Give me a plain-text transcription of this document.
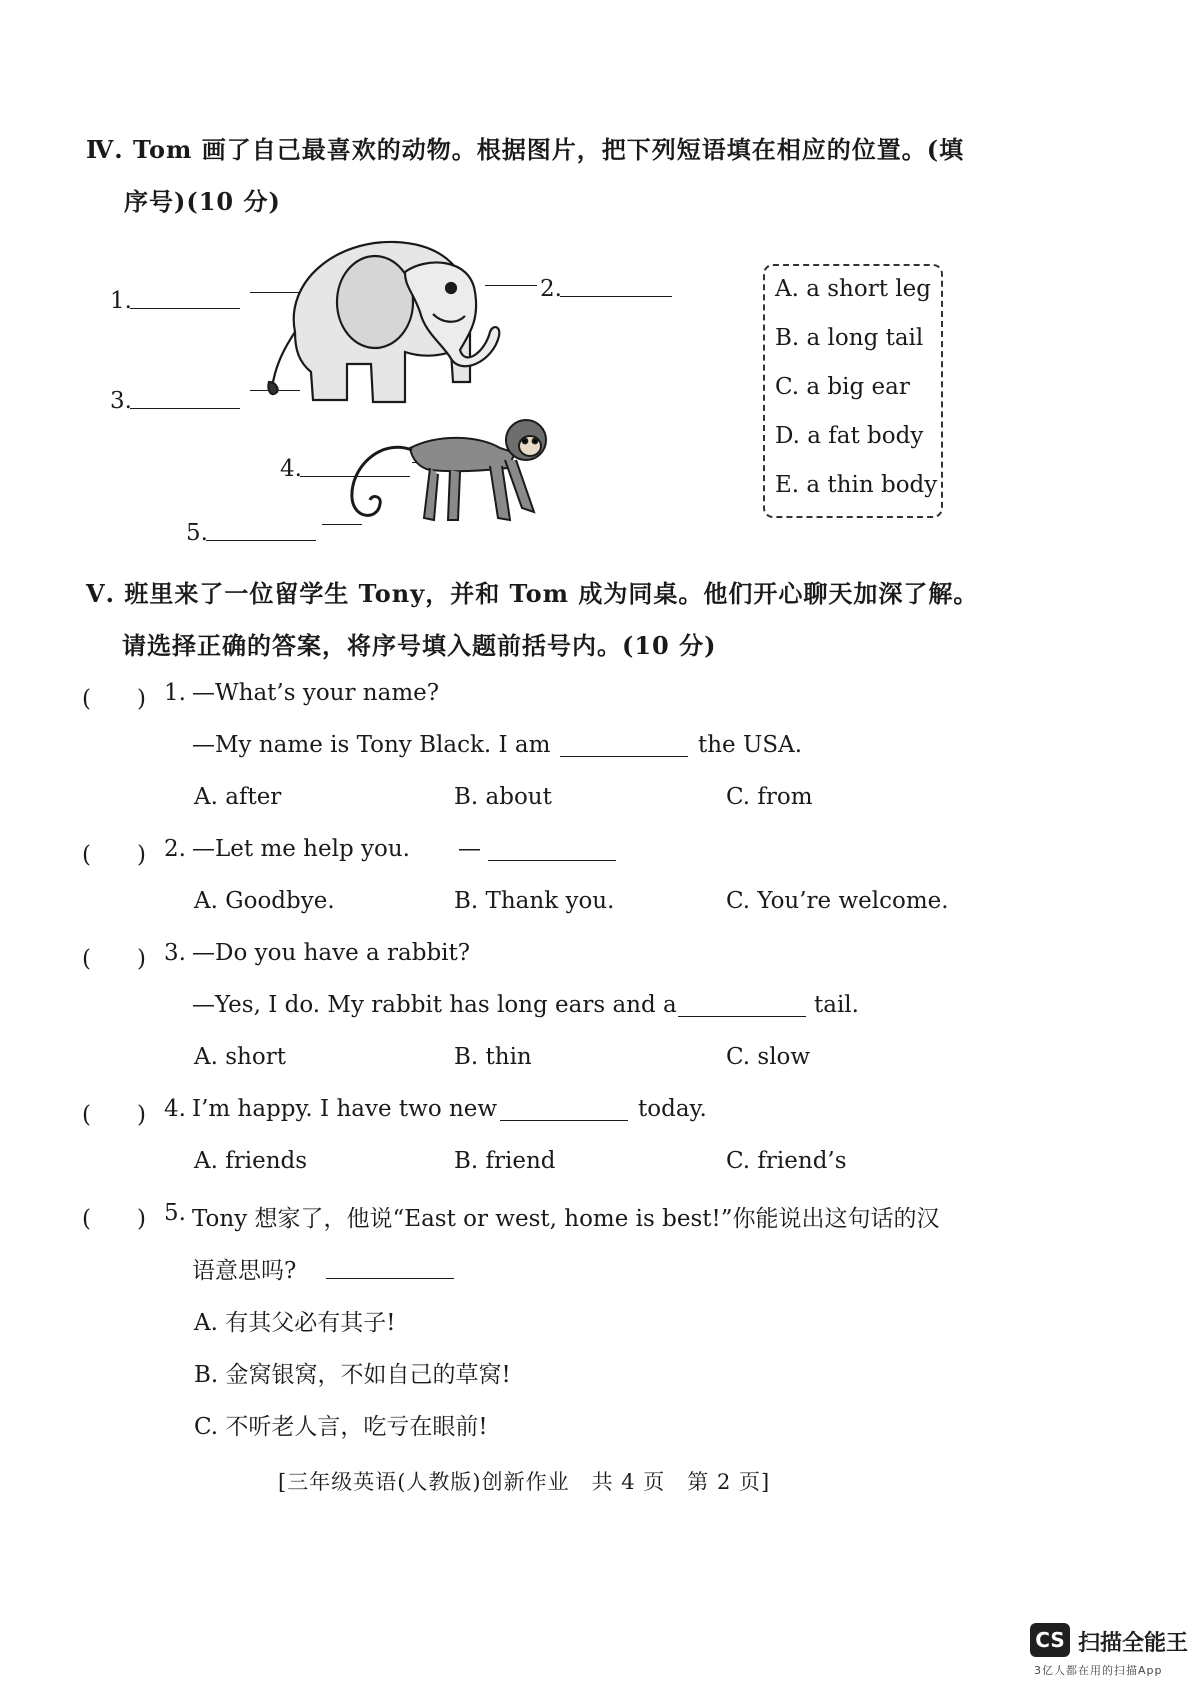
Ⅳ. Tom 画了自己最喜欢的动物。根据图片，把下列短语填在相应的位置。(填
序号)(10 分)
1.	2.
3.
4.
5.
A. a short leg
B. a long tail
C. a big ear
D. a fat body
E. a thin body
Ⅴ. 班里来了一位留学生 Tony，并和 Tom 成为同桌。他们开心聊天加深了解。
请选择正确的答案，将序号填入题前括号内。(10 分)
(　　) 1. —What’s your name?
—My name is Tony Black. I am	the USA.
A. after	B. about	C. from
(　　) 2. —Let me help you. —
A. Goodbye.	B. Thank you.	C. You’re welcome.
(　　) 3. —Do you have a rabbit?
—Yes, I do. My rabbit has long ears and a	tail.
A. short	B. thin	C. slow
(　　) 4. I’m happy. I have two new	today.
A. friends	B. friend	C. friend’s
(　　) 5. Tony 想家了，他说“East or west, home is best!”你能说出这句话的汉
语意思吗?
A. 有其父必有其子!
B. 金窝银窝，不如自己的草窝!
C. 不听老人言，吃亏在眼前!
[三年级英语(人教版)创新作业　共 4 页　第 2 页]
CS 扫描全能王
3亿人都在用的扫描App
